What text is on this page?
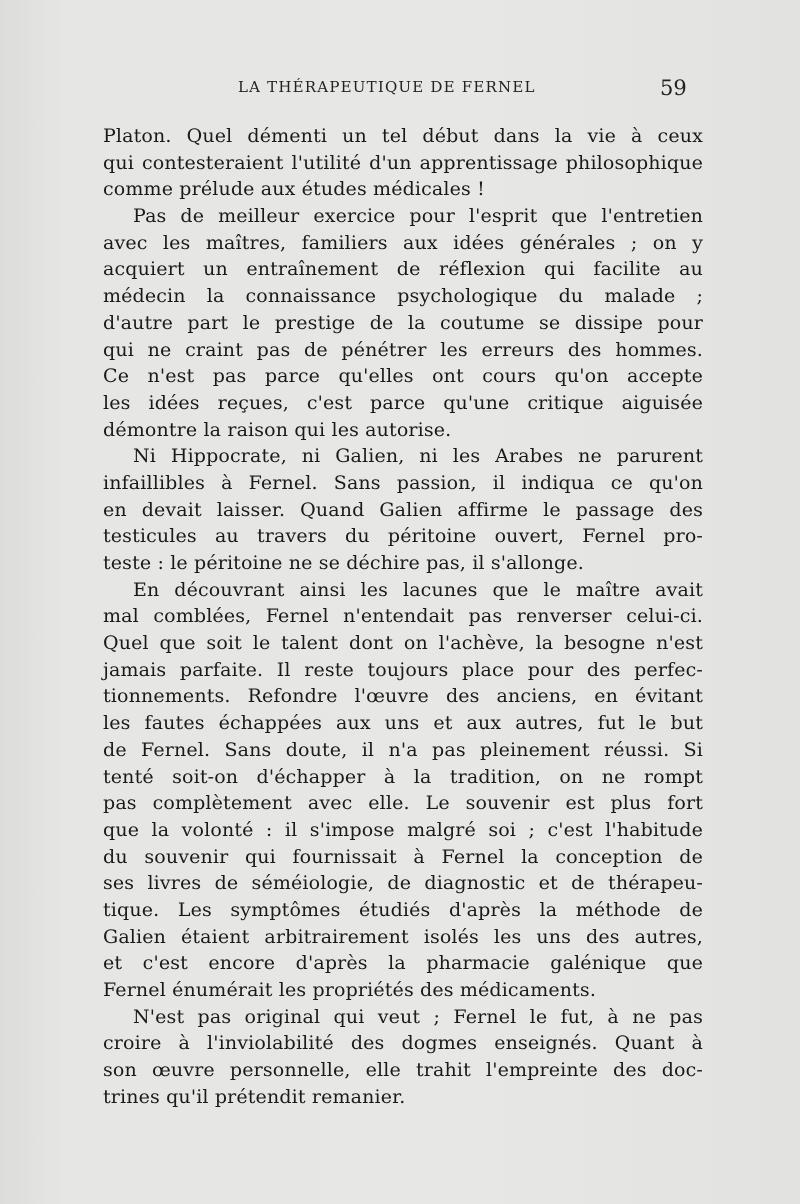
LA THÉRAPEUTIQUE DE FERNEL	59
Platon. Quel démenti un tel début dans la vie à ceux
qui contesteraient l'utilité d'un apprentissage philosophique
comme prélude aux études médicales !
Pas de meilleur exercice pour l'esprit que l'entretien
avec les maîtres, familiers aux idées générales ; on y
acquiert un entraînement de réflexion qui facilite au
médecin la connaissance psychologique du malade ;
d'autre part le prestige de la coutume se dissipe pour
qui ne craint pas de pénétrer les erreurs des hommes.
Ce n'est pas parce qu'elles ont cours qu'on accepte
les idées reçues, c'est parce qu'une critique aiguisée
démontre la raison qui les autorise.
Ni Hippocrate, ni Galien, ni les Arabes ne parurent
infaillibles à Fernel. Sans passion, il indiqua ce qu'on
en devait laisser. Quand Galien affirme le passage des
testicules au travers du péritoine ouvert, Fernel pro-
teste : le péritoine ne se déchire pas, il s'allonge.
En découvrant ainsi les lacunes que le maître avait
mal comblées, Fernel n'entendait pas renverser celui-ci.
Quel que soit le talent dont on l'achève, la besogne n'est
jamais parfaite. Il reste toujours place pour des perfec-
tionnements. Refondre l'œuvre des anciens, en évitant
les fautes échappées aux uns et aux autres, fut le but
de Fernel. Sans doute, il n'a pas pleinement réussi. Si
tenté soit-on d'échapper à la tradition, on ne rompt
pas complètement avec elle. Le souvenir est plus fort
que la volonté : il s'impose malgré soi ; c'est l'habitude
du souvenir qui fournissait à Fernel la conception de
ses livres de séméiologie, de diagnostic et de thérapeu-
tique. Les symptômes étudiés d'après la méthode de
Galien étaient arbitrairement isolés les uns des autres,
et c'est encore d'après la pharmacie galénique que
Fernel énumérait les propriétés des médicaments.
N'est pas original qui veut ; Fernel le fut, à ne pas
croire à l'inviolabilité des dogmes enseignés. Quant à
son œuvre personnelle, elle trahit l'empreinte des doc-
trines qu'il prétendit remanier.
